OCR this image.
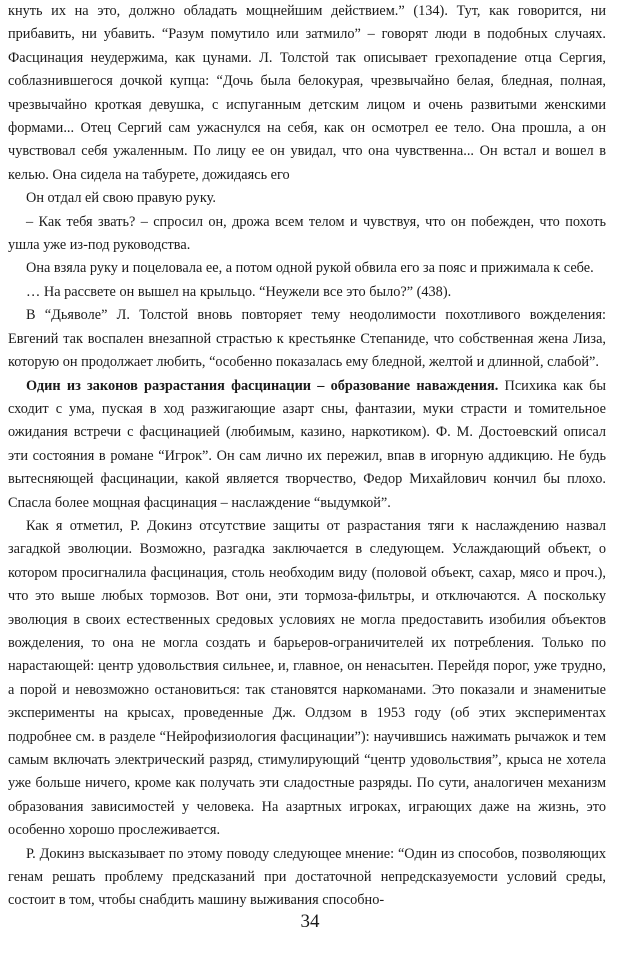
кнуть их на это, должно обладать мощнейшим действием.” (134). Тут, как говорится, ни прибавить, ни убавить. “Разум помутило или затмило” – говорят люди в подобных случаях. Фасцинация неудержима, как цунами. Л. Толстой так описывает грехопадение отца Сергия, соблазнившегося дочкой купца: “Дочь была белокурая, чрезвычайно белая, бледная, полная, чрезвычайно кроткая девушка, с испуганным детским лицом и очень развитыми женскими формами... Отец Сергий сам ужаснулся на себя, как он осмотрел ее тело. Она прошла, а он чувствовал себя ужаленным. По лицу ее он увидал, что она чувственна... Он встал и вошел в келью. Она сидела на табурете, дожидаясь его

Он отдал ей свою правую руку.

– Как тебя звать? – спросил он, дрожа всем телом и чувствуя, что он побежден, что похоть ушла уже из-под руководства.

Она взяла руку и поцеловала ее, а потом одной рукой обвила его за пояс и прижимала к себе.

… На рассвете он вышел на крыльцо. “Неужели все это было?” (438).

В “Дьяволе” Л. Толстой вновь повторяет тему неодолимости похотливого вожделения: Евгений так воспален внезапной страстью к крестьянке Степаниде, что собственная жена Лиза, которую он продолжает любить, “особенно показалась ему бледной, желтой и длинной, слабой”.

Один из законов разрастания фасцинации – образование наваждения. Психика как бы сходит с ума, пуская в ход разжигающие азарт сны, фантазии, муки страсти и томительное ожидания встречи с фасцинацией (любимым, казино, наркотиком). Ф. М. Достоевский описал эти состояния в романе “Игрок”. Он сам лично их пережил, впав в игорную аддикцию. Не будь вытесняющей фасцинации, какой является творчество, Федор Михайлович кончил бы плохо. Спасла более мощная фасцинация – наслаждение “выдумкой”.

Как я отметил, Р. Докинз отсутствие защиты от разрастания тяги к наслаждению назвал загадкой эволюции. Возможно, разгадка заключается в следующем. Услаждающий объект, о котором просигналила фасцинация, столь необходим виду (половой объект, сахар, мясо и проч.), что это выше любых тормозов. Вот они, эти тормоза-фильтры, и отключаются. А поскольку эволюция в своих естественных средовых условиях не могла предоставить изобилия объектов вожделения, то она не могла создать и барьеров-ограничителей их потребления. Только по нарастающей: центр удовольствия сильнее, и, главное, он ненасытен. Перейдя порог, уже трудно, а порой и невозможно остановиться: так становятся наркоманами. Это показали и знаменитые эксперименты на крысах, проведенные Дж. Олдзом в 1953 году (об этих экспериментах подробнее см. в разделе “Нейрофизиология фасцинации”): научившись нажимать рычажок и тем самым включать электрический разряд, стимулирующий “центр удовольствия”, крыса не хотела уже больше ничего, кроме как получать эти сладостные разряды. По сути, аналогичен механизм образования зависимостей у человека. На азартных игроках, играющих даже на жизнь, это особенно хорошо прослеживается.

Р. Докинз высказывает по этому поводу следующее мнение: “Один из способов, позволяющих генам решать проблему предсказаний при достаточной непредсказуемости условий среды, состоит в том, чтобы снабдить машину выживания способно-

34
